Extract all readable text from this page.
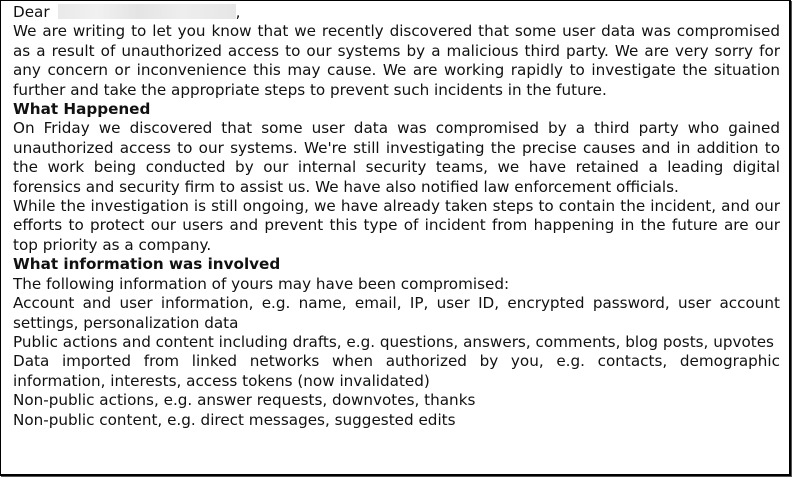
Dear	,

We are writing to let you know that we recently discovered that some user data was compromised as a result of unauthorized access to our systems by a malicious third party. We are very sorry for any concern or inconvenience this may cause. We are working rapidly to investigate the situation further and take the appropriate steps to prevent such incidents in the future.

What Happened

On Friday we discovered that some user data was compromised by a third party who gained unauthorized access to our systems. We're still investigating the precise causes and in addition to the work being conducted by our internal security teams, we have retained a leading digital forensics and security firm to assist us. We have also notified law enforcement officials.

While the investigation is still ongoing, we have already taken steps to contain the incident, and our efforts to protect our users and prevent this type of incident from happening in the future are our top priority as a company.

What information was involved

The following information of yours may have been compromised:

Account and user information, e.g. name, email, IP, user ID, encrypted password, user account settings, personalization data

Public actions and content including drafts, e.g. questions, answers, comments, blog posts, upvotes

Data imported from linked networks when authorized by you, e.g. contacts, demographic information, interests, access tokens (now invalidated)

Non-public actions, e.g. answer requests, downvotes, thanks

Non-public content, e.g. direct messages, suggested edits
